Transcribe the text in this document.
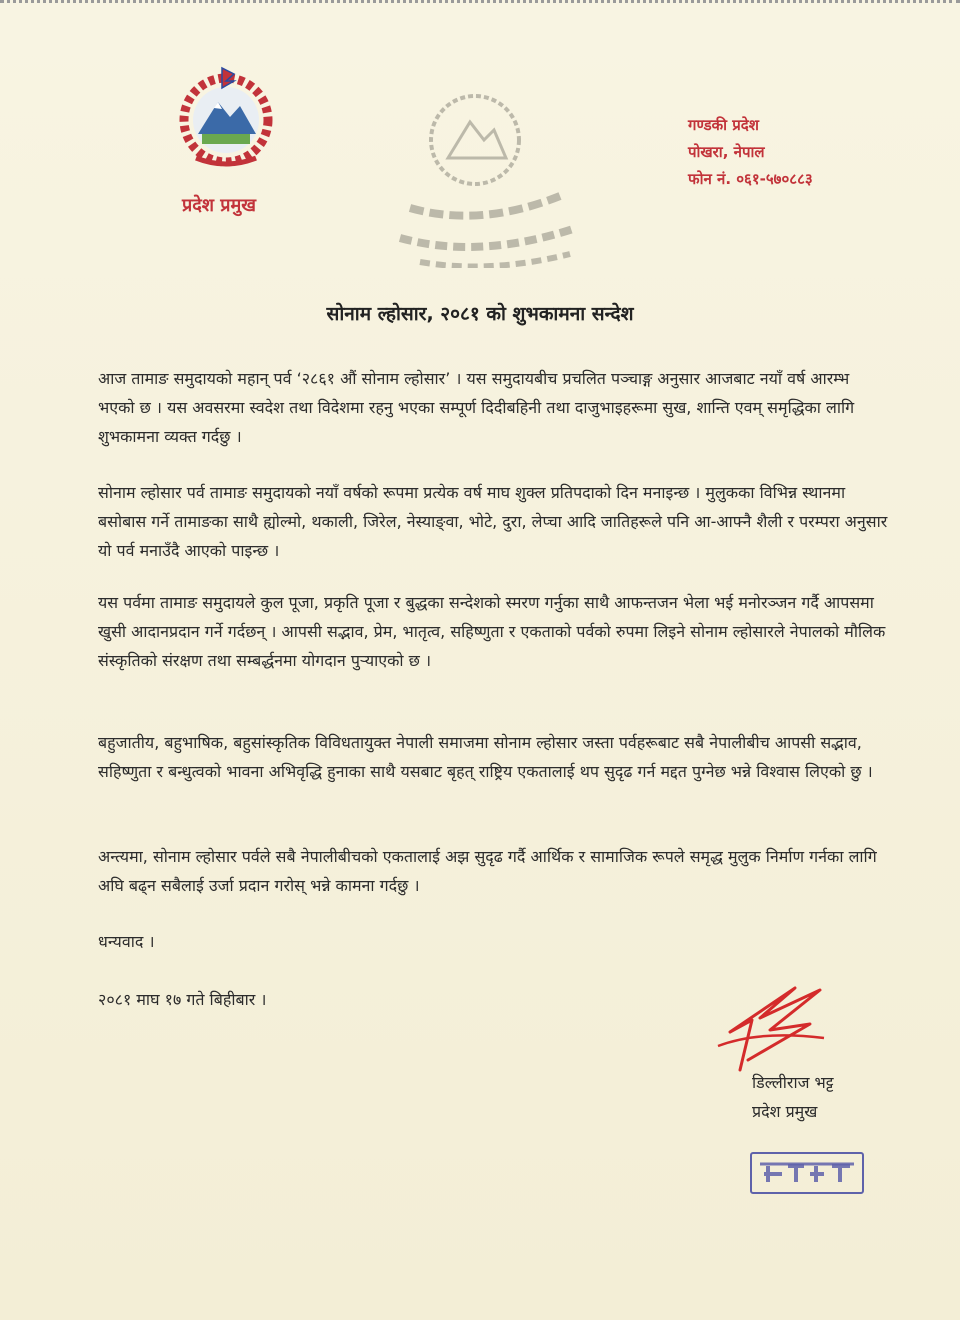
प्रदेश प्रमुख
गण्डकी प्रदेश
पोखरा, नेपाल
फोन नं. ०६१-५७०८८३
सोनाम ल्होसार, २०८१ को शुभकामना सन्देश
आज तामाङ समुदायको महान् पर्व ‘२८६१ औं सोनाम ल्होसार’ । यस समुदायबीच प्रचलित पञ्चाङ्ग अनुसार आजबाट नयाँ वर्ष आरम्भ भएको छ । यस अवसरमा स्वदेश तथा विदेशमा रहनु भएका सम्पूर्ण दिदीबहिनी तथा दाजुभाइहरूमा सुख, शान्ति एवम् समृद्धिका लागि शुभकामना व्यक्त गर्दछु ।
सोनाम ल्होसार पर्व तामाङ समुदायको नयाँ वर्षको रूपमा प्रत्येक वर्ष माघ शुक्ल प्रतिपदाको दिन मनाइन्छ । मुलुकका विभिन्न स्थानमा बसोबास गर्ने तामाङका साथै ह्योल्मो, थकाली, जिरेल, नेस्याङ्वा, भोटे, दुरा, लेप्चा आदि जातिहरूले पनि आ-आफ्नै शैली र परम्परा अनुसार यो पर्व मनाउँदै आएको पाइन्छ ।
यस पर्वमा तामाङ समुदायले कुल पूजा, प्रकृति पूजा र बुद्धका सन्देशको स्मरण गर्नुका साथै आफन्तजन भेला भई मनोरञ्जन गर्दै आपसमा खुसी आदानप्रदान गर्ने गर्दछन् । आपसी सद्भाव, प्रेम, भातृत्व, सहिष्णुता र एकताको पर्वको रुपमा लिइने सोनाम ल्होसारले नेपालको मौलिक संस्कृतिको संरक्षण तथा सम्बर्द्धनमा योगदान पुऱ्याएको छ ।
बहुजातीय, बहुभाषिक, बहुसांस्कृतिक विविधतायुक्त नेपाली समाजमा सोनाम ल्होसार जस्ता पर्वहरूबाट सबै नेपालीबीच आपसी सद्भाव, सहिष्णुता र बन्धुत्वको भावना अभिवृद्धि हुनाका साथै यसबाट बृहत् राष्ट्रिय एकतालाई थप सुदृढ गर्न मद्दत पुग्नेछ भन्ने विश्वास लिएको छु ।
अन्त्यमा, सोनाम ल्होसार पर्वले सबै नेपालीबीचको एकतालाई अझ सुदृढ गर्दै आर्थिक र सामाजिक रूपले समृद्ध मुलुक निर्माण गर्नका लागि अघि बढ्न सबैलाई उर्जा प्रदान गरोस् भन्ने कामना गर्दछु ।
धन्यवाद ।
२०८१ माघ १७ गते बिहीबार ।
डिल्लीराज भट्ट
प्रदेश प्रमुख
